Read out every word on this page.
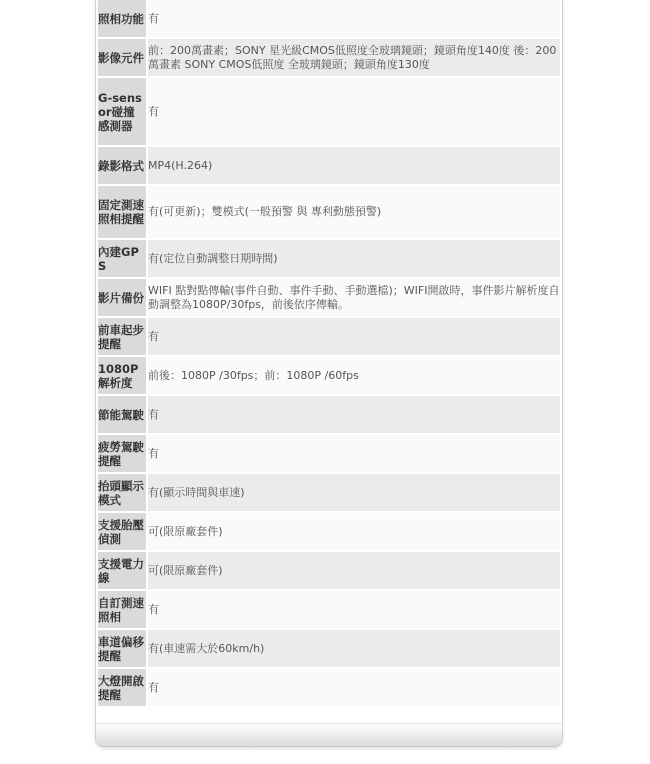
照相功能	有
影像元件	前：200萬畫素；SONY 星光級CMOS低照度全玻璃鏡頭；鏡頭角度140度 後：200萬畫素 SONY CMOS低照度 全玻璃鏡頭；鏡頭角度130度
G-sensor碰撞感測器	有
錄影格式	MP4(H.264)
固定測速照相提醒	有(可更新)；雙模式(一般預警 與 專利動態預警)
內建GPS	有(定位自動調整日期時間)
影片備份	WIFI 點對點傳輸(事件自動、事件手動、手動選檔)；WIFI開啟時，事件影片解析度自動調整為1080P/30fps，前後依序傳輸。
前車起步提醒	有
1080P解析度	前後：1080P /30fps；前：1080P /60fps
節能駕駛	有
疲勞駕駛提醒	有
抬頭顯示模式	有(顯示時間與車速)
支援胎壓偵測	可(限原廠套件)
支援電力線	可(限原廠套件)
自訂測速照相	有
車道偏移提醒	有(車速需大於60km/h)
大燈開啟提醒	有
